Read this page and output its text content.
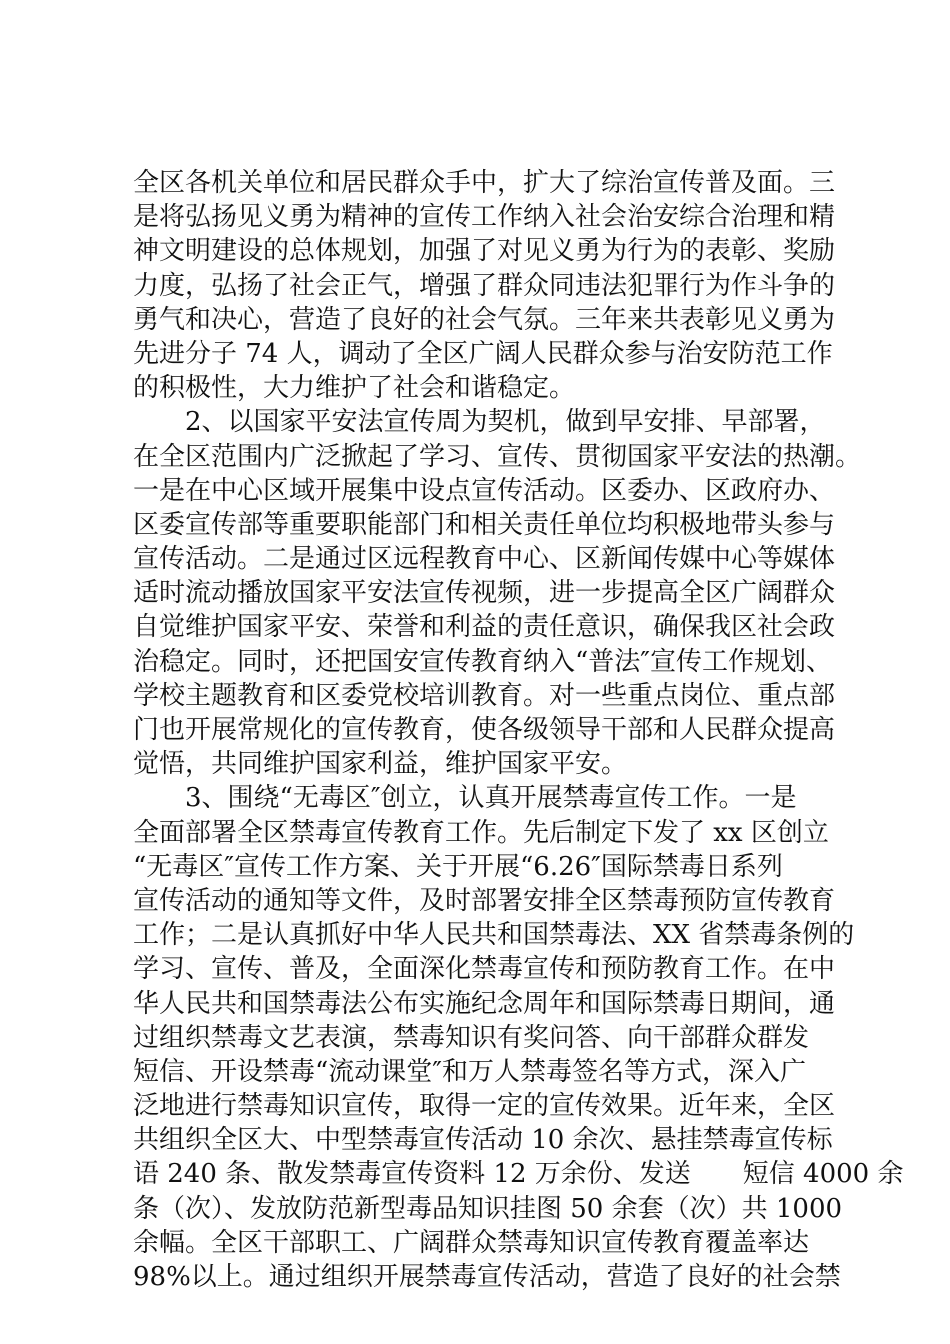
全区各机关单位和居民群众手中，扩大了综治宣传普及面。三
是将弘扬见义勇为精神的宣传工作纳入社会治安综合治理和精
神文明建设的总体规划，加强了对见义勇为行为的表彰、奖励
力度，弘扬了社会正气，增强了群众同违法犯罪行为作斗争的
勇气和决心，营造了良好的社会气氛。三年来共表彰见义勇为
先进分子 74 人，调动了全区广阔人民群众参与治安防范工作
的积极性，大力维护了社会和谐稳定。
2、以国家平安法宣传周为契机，做到早安排、早部署，
在全区范围内广泛掀起了学习、宣传、贯彻国家平安法的热潮。
一是在中心区域开展集中设点宣传活动。区委办、区政府办、
区委宣传部等重要职能部门和相关责任单位均积极地带头参与
宣传活动。二是通过区远程教育中心、区新闻传媒中心等媒体
适时流动播放国家平安法宣传视频，进一步提高全区广阔群众
自觉维护国家平安、荣誉和利益的责任意识，确保我区社会政
治稳定。同时，还把国安宣传教育纳入“普法″宣传工作规划、
学校主题教育和区委党校培训教育。对一些重点岗位、重点部
门也开展常规化的宣传教育，使各级领导干部和人民群众提高
觉悟，共同维护国家利益，维护国家平安。
3、围绕“无毒区″创立，认真开展禁毒宣传工作。一是
全面部署全区禁毒宣传教育工作。先后制定下发了 xx 区创立
“无毒区″宣传工作方案、关于开展“6.26″国际禁毒日系列
宣传活动的通知等文件，及时部署安排全区禁毒预防宣传教育
工作；二是认真抓好中华人民共和国禁毒法、XX 省禁毒条例的
学习、宣传、普及，全面深化禁毒宣传和预防教育工作。在中
华人民共和国禁毒法公布实施纪念周年和国际禁毒日期间，通
过组织禁毒文艺表演，禁毒知识有奖问答、向干部群众群发
短信、开设禁毒“流动课堂″和万人禁毒签名等方式，深入广
泛地进行禁毒知识宣传，取得一定的宣传效果。近年来，全区
共组织全区大、中型禁毒宣传活动 10 余次、悬挂禁毒宣传标
语 240 条、散发禁毒宣传资料 12 万余份、发送　　短信 4000 余
条（次）、发放防范新型毒品知识挂图 50 余套（次）共 1000
余幅。全区干部职工、广阔群众禁毒知识宣传教育覆盖率达
98%以上。通过组织开展禁毒宣传活动，营造了良好的社会禁
